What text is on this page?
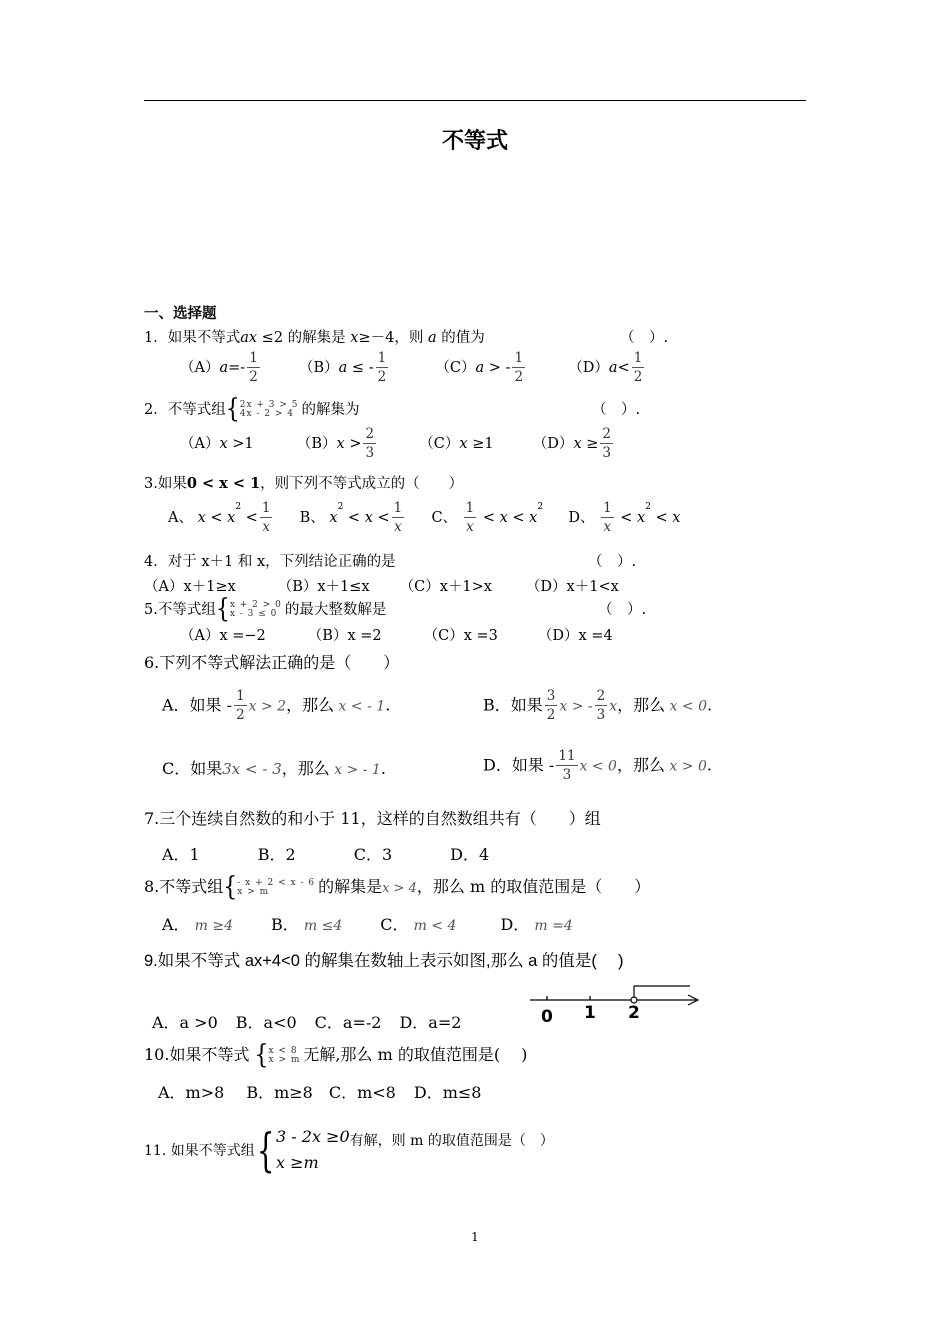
不等式
一、选择题
1．如果不等式ax ≤2 的解集是 x≥－4，则 a 的值为	（　）.
$(A)a=- \frac{1}{2}$	（B）a ≤ - $\frac{1}{2}$	（C）a > - $\frac{1}{2}$	$(D)a< \frac{1}{2}$
2．不等式组{ 2x + 3 > 5
4x - 2 > 4 的解集为	（　）.
（A）x >1	$(B)x > \frac{2}{3}$	（C）x ≥1	$(D)x \ge \frac{2}{3}$
3.如果0 < x < 1，则下列不等式成立的（　　）
A、 $x < x^2 < \frac{1}{x}$ B、 $x^2 < x < \frac{1}{x}$ C、 $\frac{1}{x} < x < x^2$  D、 $\frac{1}{x} < x^2 < x$
4．对于 x＋1 和 x，下列结论正确的是	（　）.
（A）x＋1≥x	（B）x＋1≤x （C）x＋1>x （D）x＋1<x
5.不等式组{ x + 2 > 0
x - 3 ≤ 0 的最大整数解是	（　）.
（A）x =−2	（B）x =2	（C）x =3	（D）x =4
6.下列不等式解法正确的是（　　）
A．如果 - $\frac{1}{2}$ x > 2，那么 x < - 1.	B．如果 $\frac{3}{2}$ x > - $\frac{2}{3}$ x，那么 x < 0.
C．如果3x < - 3，那么 x > - 1.	D．如果 - $\frac{11}{3}$ x < 0，那么 x > 0.
7.三个连续自然数的和小于 11，这样的自然数组共有（　　）组
A．1	B．2	C．3	D．4
8.不等式组{ - x + 2 < x - 6
x > m	的解集是x > 4，那么 m 的取值范围是（　　）
A． m ≥4 B． m ≤4 C． m < 4	D． m =4
9.如果不等式 ax+4<0 的解集在数轴上表示如图,那么 a 的值是(　 )
A．a >0 B．a<0 C．a=-2 D．a=2	0 1 2
10.如果不等式 { x < 8
x > m 无解,那么 m 的取值范围是(　 )
A．m>8 B．m≥8 C．m<8 D．m≤8
11. 如果不等式组 { 3 - 2x ≥0
x ≥m
有解，则 m 的取值范围是（　）
1
